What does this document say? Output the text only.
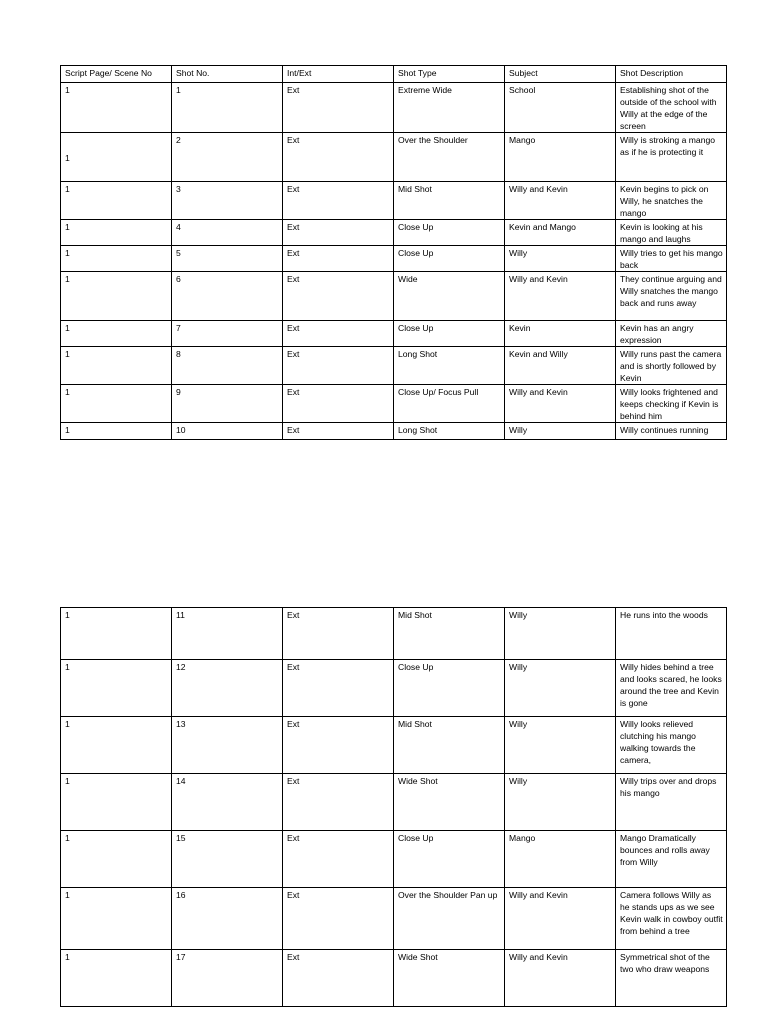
Script Page/ Scene No	Shot No.	Int/Ext	Shot Type	Subject	Shot Description
1	1	Ext	Extreme Wide	School	Establishing shot of the outside of the school with Willy at the edge of the screen
1	2	Ext	Over the Shoulder	Mango	Willy is stroking a mango as if he is protecting it
1	3	Ext	Mid Shot	Willy and Kevin	Kevin begins to pick on Willy, he snatches the mango
1	4	Ext	Close Up	Kevin and Mango	Kevin is looking at his mango and laughs
1	5	Ext	Close Up	Willy	Willy tries to get his mango back
1	6	Ext	Wide	Willy and Kevin	They continue arguing and Willy snatches the mango back and runs away
1	7	Ext	Close Up	Kevin	Kevin has an angry expression
1	8	Ext	Long Shot	Kevin and Willy	Willy runs past the camera and is shortly followed by Kevin
1	9	Ext	Close Up/ Focus Pull	Willy and Kevin	Willy looks frightened and keeps checking if Kevin is behind him
1	10	Ext	Long Shot	Willy	Willy continues running
1	11	Ext	Mid Shot	Willy	He runs into the woods
1	12	Ext	Close Up	Willy	Willy hides behind a tree and looks scared, he looks around the tree and Kevin is gone
1	13	Ext	Mid Shot	Willy	Willy looks relieved clutching his mango walking towards the camera,
1	14	Ext	Wide Shot	Willy	Willy trips over and drops his mango
1	15	Ext	Close Up	Mango	Mango Dramatically bounces and rolls away from Willy
1	16	Ext	Over the Shoulder Pan up	Willy and Kevin	Camera follows Willy as he stands ups as we see Kevin walk in cowboy outfit from behind a tree
1	17	Ext	Wide Shot	Willy and Kevin	Symmetrical shot of the two who draw weapons
